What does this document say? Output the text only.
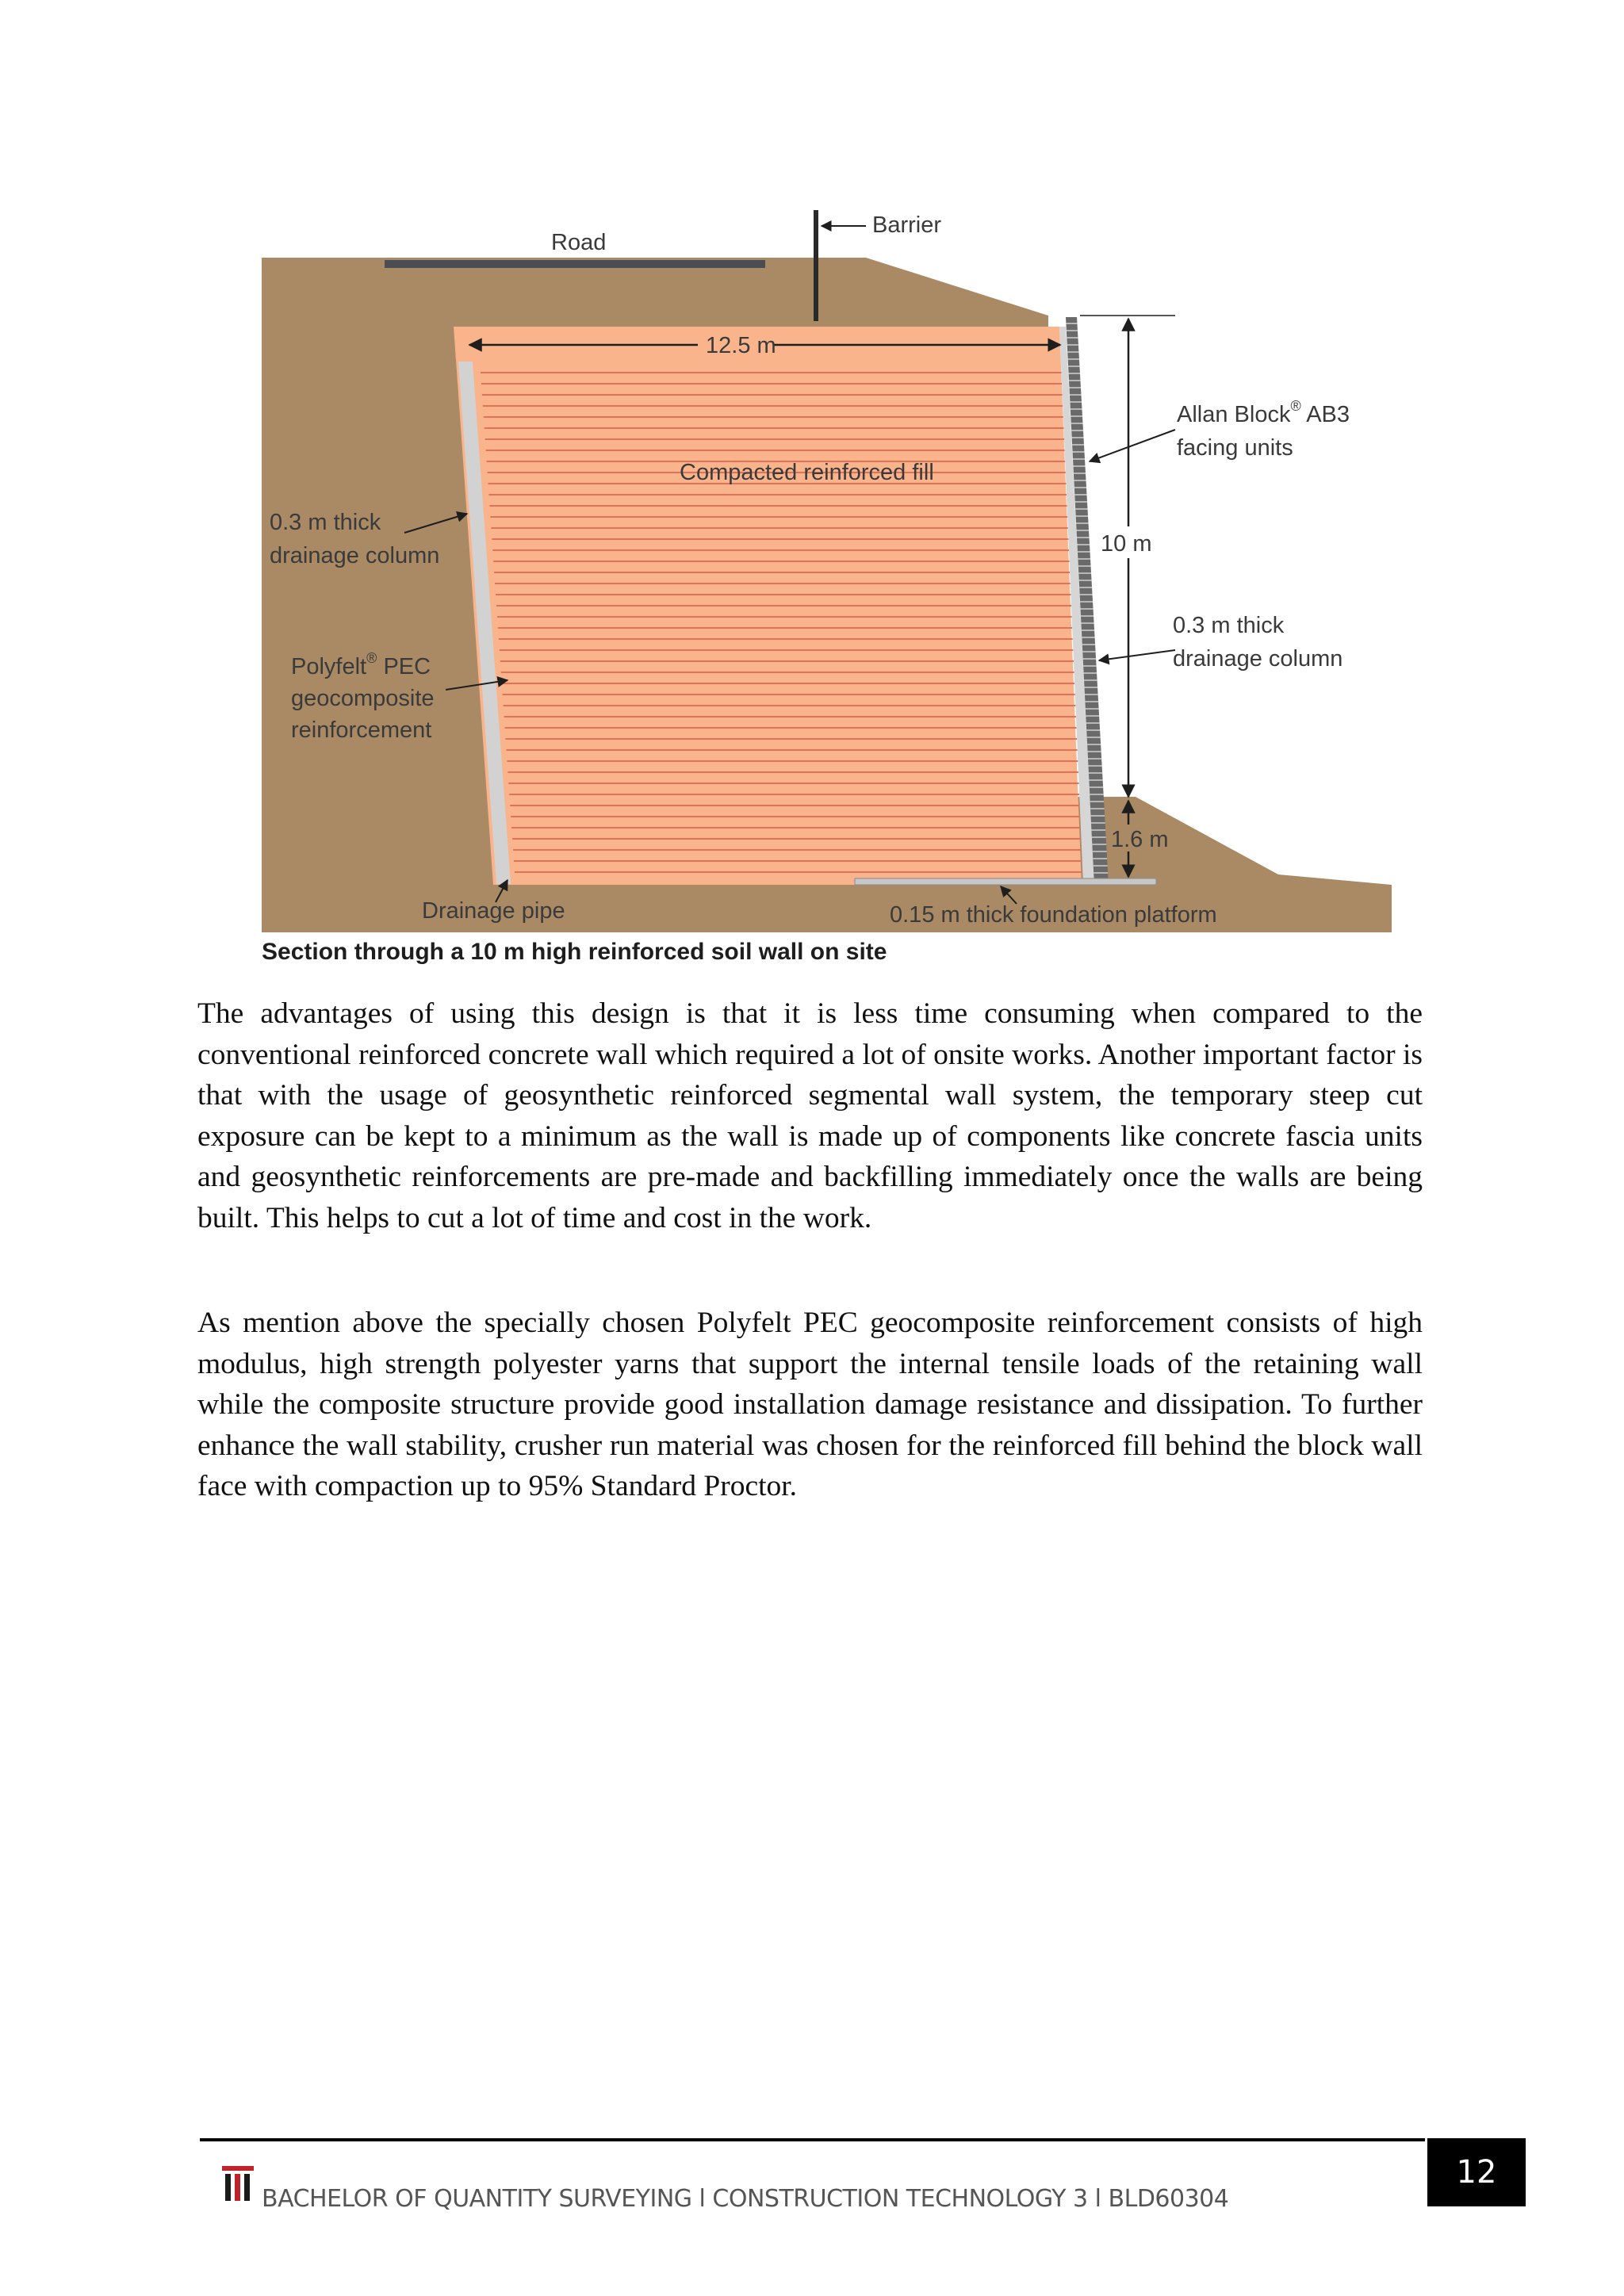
Road
Barrier
12.5 m
Compacted reinforced fill
Allan Block® AB3
facing units
0.3 m thick
drainage column	10 m
0.3 m thick
drainage column
Polyfelt® PEC
geocomposite
reinforcement
1.6 m
Drainage pipe	0.15 m thick foundation platform
Section through a 10 m high reinforced soil wall on site

The advantages of using this design is that it is less time consuming when compared to the conventional reinforced concrete wall which required a lot of onsite works. Another important factor is that with the usage of geosynthetic reinforced segmental wall system, the temporary steep cut exposure can be kept to a minimum as the wall is made up of components like concrete fascia units and geosynthetic reinforcements are pre-made and backfilling immediately once the walls are being built. This helps to cut a lot of time and cost in the work.

As mention above the specially chosen Polyfelt PEC geocomposite reinforcement consists of high modulus, high strength polyester yarns that support the internal tensile loads of the retaining wall while the composite structure provide good installation damage resistance and dissipation. To further enhance the wall stability, crusher run material was chosen for the reinforced fill behind the block wall face with compaction up to 95% Standard Proctor.

12
BACHELOR OF QUANTITY SURVEYING l CONSTRUCTION TECHNOLOGY 3 l BLD60304
